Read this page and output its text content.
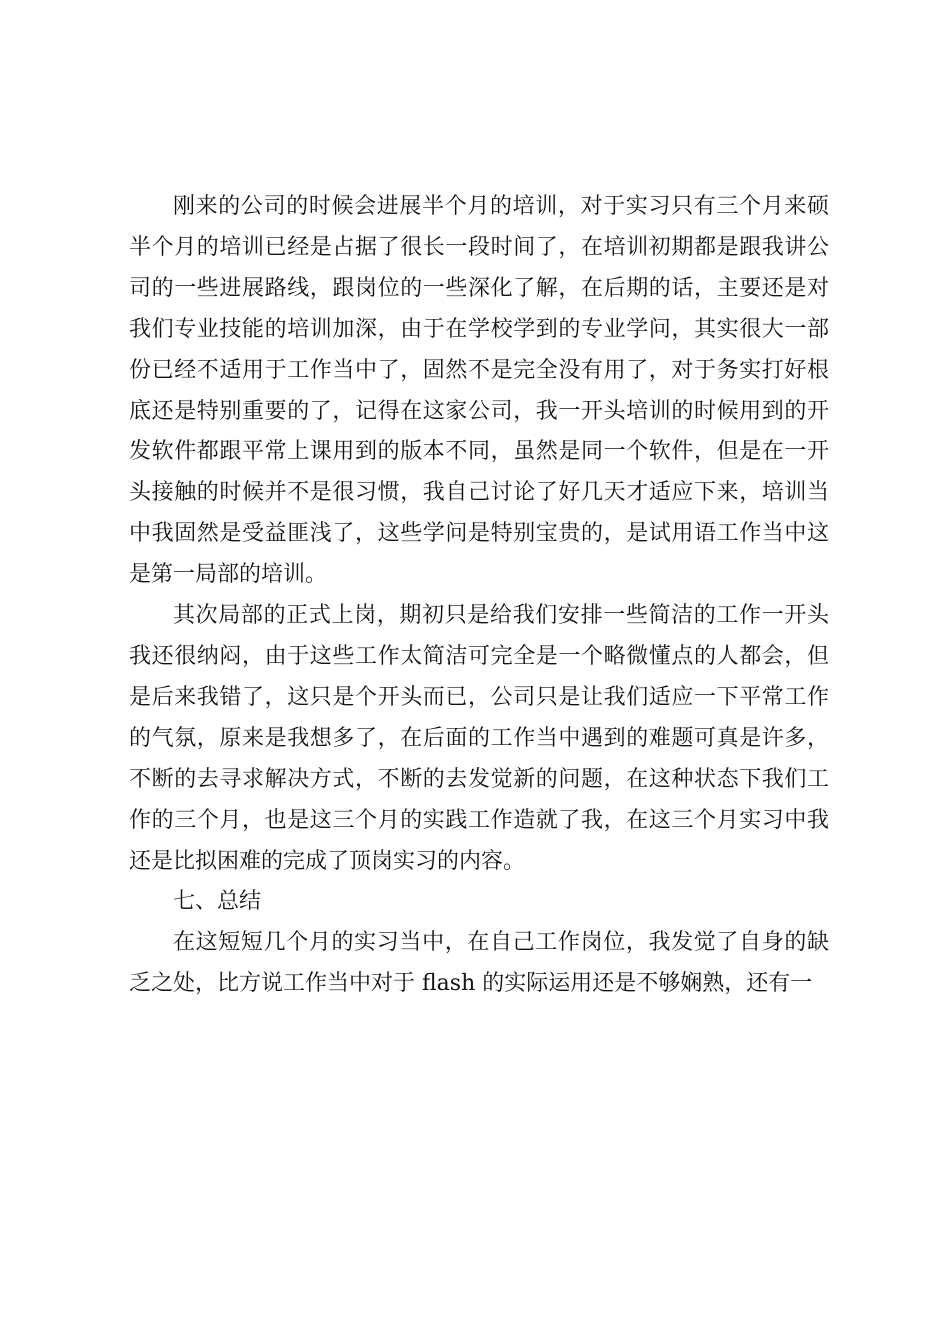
刚来的公司的时候会进展半个月的培训，对于实习只有三个月来硕半个月的培训已经是占据了很长一段时间了，在培训初期都是跟我讲公司的一些进展路线，跟岗位的一些深化了解，在后期的话，主要还是对我们专业技能的培训加深，由于在学校学到的专业学问，其实很大一部份已经不适用于工作当中了，固然不是完全没有用了，对于务实打好根底还是特别重要的了，记得在这家公司，我一开头培训的时候用到的开发软件都跟平常上课用到的版本不同，虽然是同一个软件，但是在一开头接触的时候并不是很习惯，我自己讨论了好几天才适应下来，培训当中我固然是受益匪浅了，这些学问是特别宝贵的，是试用语工作当中这是第一局部的培训。

其次局部的正式上岗，期初只是给我们安排一些简洁的工作一开头我还很纳闷，由于这些工作太简洁可完全是一个略微懂点的人都会，但是后来我错了，这只是个开头而已，公司只是让我们适应一下平常工作的气氛，原来是我想多了，在后面的工作当中遇到的难题可真是许多，不断的去寻求解决方式，不断的去发觉新的问题，在这种状态下我们工作的三个月，也是这三个月的实践工作造就了我，在这三个月实习中我还是比拟困难的完成了顶岗实习的内容。

七、总结

在这短短几个月的实习当中，在自己工作岗位，我发觉了自身的缺乏之处，比方说工作当中对于 flash 的实际运用还是不够娴熟，还有一
